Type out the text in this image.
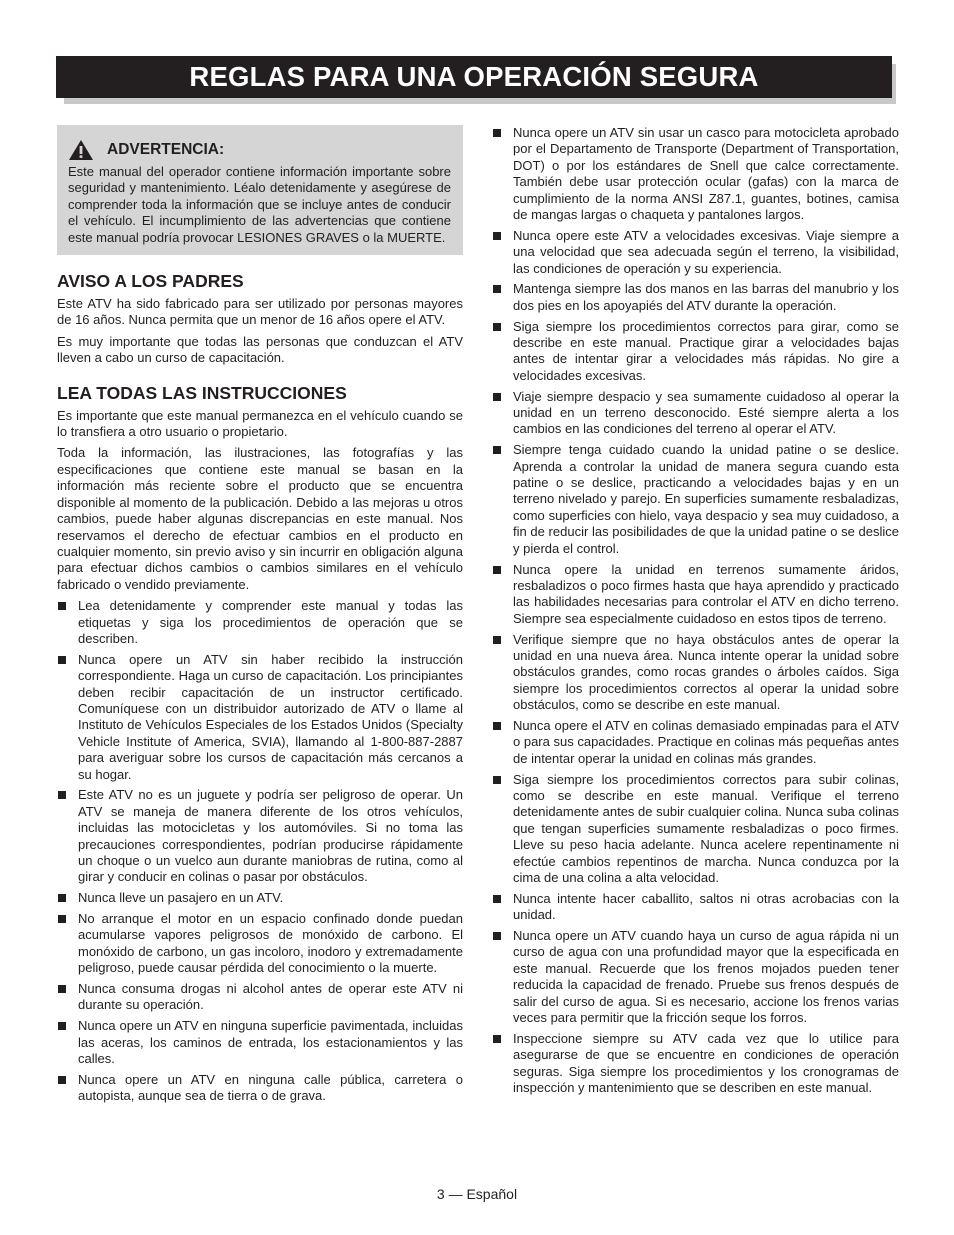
REGLAS PARA UNA OPERACIÓN SEGURA
ADVERTENCIA:
Este manual del operador contiene información importante sobre seguridad y mantenimiento. Léalo detenidamente y asegúrese de comprender toda la información que se incluye antes de conducir el vehículo. El incumplimiento de las advertencias que contiene este manual podría provocar LESIONES GRAVES o la MUERTE.
AVISO A LOS PADRES

Este ATV ha sido fabricado para ser utilizado por personas mayores de 16 años. Nunca permita que un menor de 16 años opere el ATV.

Es muy importante que todas las personas que conduzcan el ATV lleven a cabo un curso de capacitación.

LEA TODAS LAS INSTRUCCIONES

Es importante que este manual permanezca en el vehículo cuando se lo transfiera a otro usuario o propietario.

Toda la información, las ilustraciones, las fotografías y las especificaciones que contiene este manual se basan en la información más reciente sobre el producto que se encuentra disponible al momento de la publicación. Debido a las mejoras u otros cambios, puede haber algunas discrepancias en este manual. Nos reservamos el derecho de efectuar cambios en el producto en cualquier momento, sin previo aviso y sin incurrir en obligación alguna para efectuar dichos cambios o cambios similares en el vehículo fabricado o vendido previamente.

Lea detenidamente y comprender este manual y todas las etiquetas y siga los procedimientos de operación que se describen.
Nunca opere un ATV sin haber recibido la instrucción correspondiente. Haga un curso de capacitación. Los principiantes deben recibir capacitación de un instructor certificado. Comuníquese con un distribuidor autorizado de ATV o llame al Instituto de Vehículos Especiales de los Estados Unidos (Specialty Vehicle Institute of America, SVIA), llamando al 1-800-887-2887 para averiguar sobre los cursos de capacitación más cercanos a su hogar.
Este ATV no es un juguete y podría ser peligroso de operar. Un ATV se maneja de manera diferente de los otros vehículos, incluidas las motocicletas y los automóviles. Si no toma las precauciones correspondientes, podrían producirse rápidamente un choque o un vuelco aun durante maniobras de rutina, como al girar y conducir en colinas o pasar por obstáculos.
Nunca lleve un pasajero en un ATV.
No arranque el motor en un espacio confinado donde puedan acumularse vapores peligrosos de monóxido de carbono. El monóxido de carbono, un gas incoloro, inodoro y extremadamente peligroso, puede causar pérdida del conocimiento o la muerte.
Nunca consuma drogas ni alcohol antes de operar este ATV ni durante su operación.
Nunca opere un ATV en ninguna superficie pavimentada, incluidas las aceras, los caminos de entrada, los estacionamientos y las calles.
Nunca opere un ATV en ninguna calle pública, carretera o autopista, aunque sea de tierra o de grava.
Nunca opere un ATV sin usar un casco para motocicleta aprobado por el Departamento de Transporte (Department of Transportation, DOT) o por los estándares de Snell que calce correctamente. También debe usar protección ocular (gafas) con la marca de cumplimiento de la norma ANSI Z87.1, guantes, botines, camisa de mangas largas o chaqueta y pantalones largos.
Nunca opere este ATV a velocidades excesivas. Viaje siempre a una velocidad que sea adecuada según el terreno, la visibilidad, las condiciones de operación y su experiencia.
Mantenga siempre las dos manos en las barras del manubrio y los dos pies en los apoyapiés del ATV durante la operación.
Siga siempre los procedimientos correctos para girar, como se describe en este manual. Practique girar a velocidades bajas antes de intentar girar a velocidades más rápidas. No gire a velocidades excesivas.
Viaje siempre despacio y sea sumamente cuidadoso al operar la unidad en un terreno desconocido. Esté siempre alerta a los cambios en las condiciones del terreno al operar el ATV.
Siempre tenga cuidado cuando la unidad patine o se deslice. Aprenda a controlar la unidad de manera segura cuando esta patine o se deslice, practicando a velocidades bajas y en un terreno nivelado y parejo. En superficies sumamente resbaladizas, como superficies con hielo, vaya despacio y sea muy cuidadoso, a fin de reducir las posibilidades de que la unidad patine o se deslice y pierda el control.
Nunca opere la unidad en terrenos sumamente áridos, resbaladizos o poco firmes hasta que haya aprendido y practicado las habilidades necesarias para controlar el ATV en dicho terreno. Siempre sea especialmente cuidadoso en estos tipos de terreno.
Verifique siempre que no haya obstáculos antes de operar la unidad en una nueva área. Nunca intente operar la unidad sobre obstáculos grandes, como rocas grandes o árboles caídos. Siga siempre los procedimientos correctos al operar la unidad sobre obstáculos, como se describe en este manual.
Nunca opere el ATV en colinas demasiado empinadas para el ATV o para sus capacidades. Practique en colinas más pequeñas antes de intentar operar la unidad en colinas más grandes.
Siga siempre los procedimientos correctos para subir colinas, como se describe en este manual. Verifique el terreno detenidamente antes de subir cualquier colina. Nunca suba colinas que tengan superficies sumamente resbaladizas o poco firmes. Lleve su peso hacia adelante. Nunca acelere repentinamente ni efectúe cambios repentinos de marcha. Nunca conduzca por la cima de una colina a alta velocidad.
Nunca intente hacer caballito, saltos ni otras acrobacias con la unidad.
Nunca opere un ATV cuando haya un curso de agua rápida ni un curso de agua con una profundidad mayor que la especificada en este manual. Recuerde que los frenos mojados pueden tener reducida la capacidad de frenado. Pruebe sus frenos después de salir del curso de agua. Si es necesario, accione los frenos varias veces para permitir que la fricción seque los forros.
Inspeccione siempre su ATV cada vez que lo utilice para asegurarse de que se encuentre en condiciones de operación seguras. Siga siempre los procedimientos y los cronogramas de inspección y mantenimiento que se describen en este manual.
3 — Español
